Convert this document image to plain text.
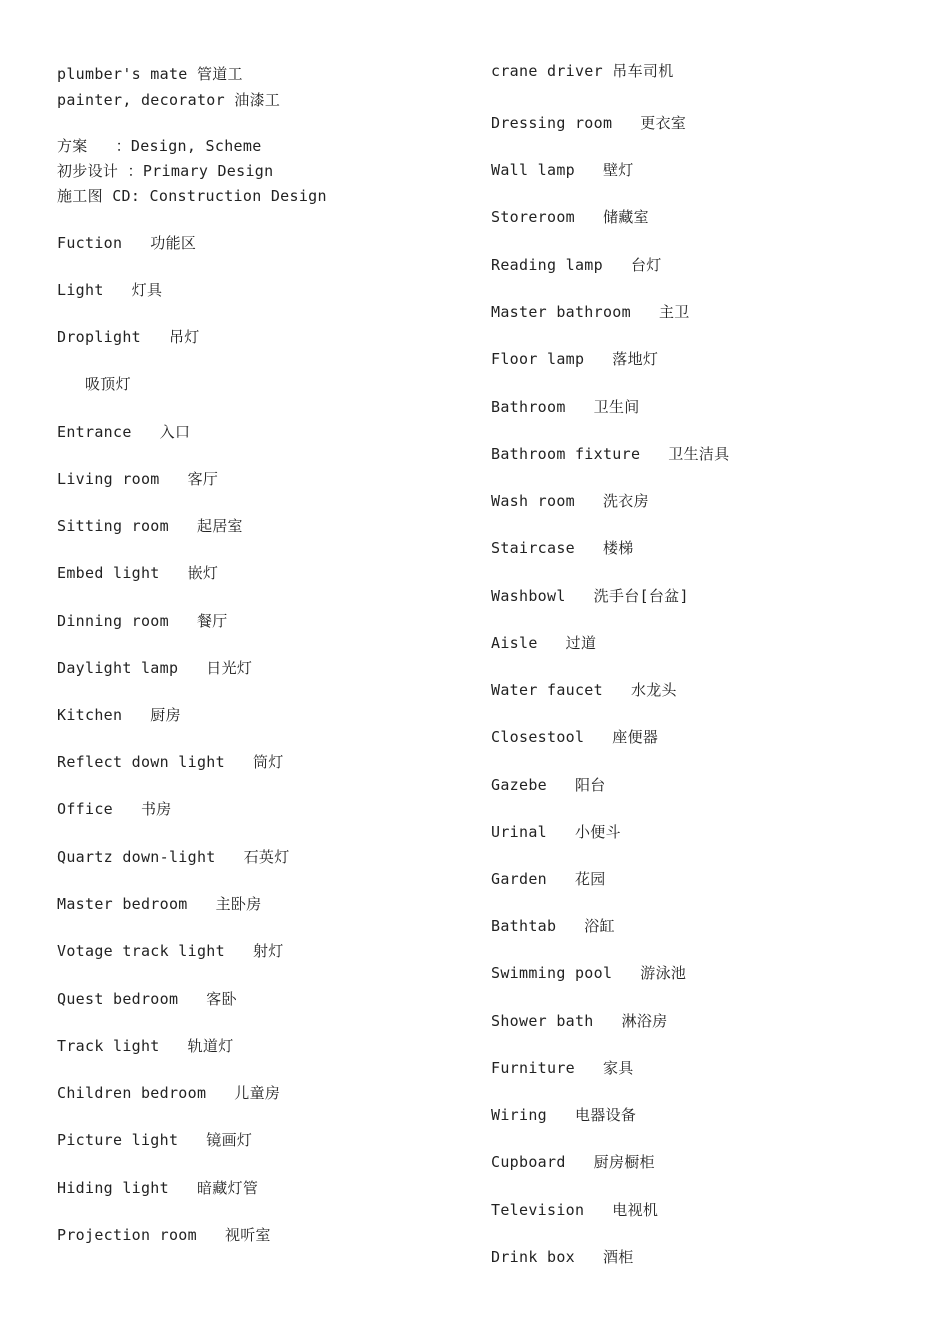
plumber's mate 管道工
painter, decorator 油漆工
方案   ：Design, Scheme
初步设计 ：Primary Design
施工图 CD: Construction Design
Fuction   功能区
Light   灯具
Droplight   吊灯
吸顶灯
Entrance   入口
Living room   客厅
Sitting room   起居室
Embed light   嵌灯
Dinning room   餐厅
Daylight lamp   日光灯
Kitchen   厨房
Reflect down light   筒灯
Office   书房
Quartz down-light   石英灯
Master bedroom   主卧房
Votage track light   射灯
Quest bedroom   客卧
Track light   轨道灯
Children bedroom   儿童房
Picture light   镜画灯
Hiding light   暗藏灯管
Projection room   视听室
crane driver 吊车司机
Dressing room   更衣室
Wall lamp   壁灯
Storeroom   储藏室
Reading lamp   台灯
Master bathroom   主卫
Floor lamp   落地灯
Bathroom   卫生间
Bathroom fixture   卫生洁具
Wash room   洗衣房
Staircase   楼梯
Washbowl   洗手台[台盆]
Aisle   过道
Water faucet   水龙头
Closestool   座便器
Gazebe   阳台
Urinal   小便斗
Garden   花园
Bathtab   浴缸
Swimming pool   游泳池
Shower bath   淋浴房
Furniture   家具
Wiring   电器设备
Cupboard   厨房橱柜
Television   电视机
Drink box   酒柜
